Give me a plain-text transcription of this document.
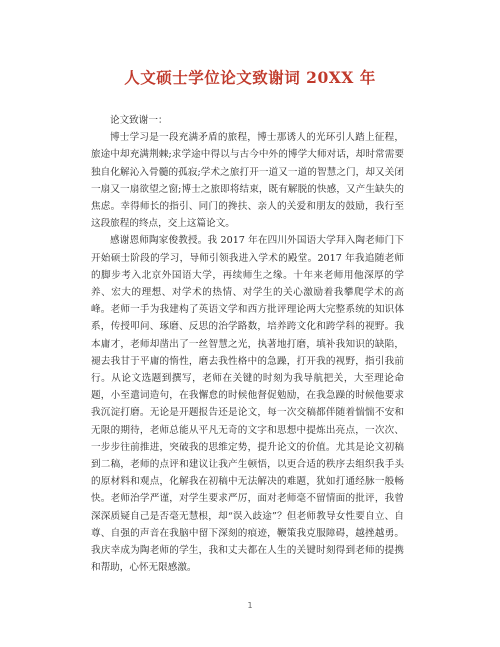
人文硕士学位论文致谢词 20XX 年

论文致谢一：

博士学习是一段充满矛盾的旅程，博士那诱人的光环引人踏上征程，旅途中却充满荆棘;求学途中得以与古今中外的博学大师对话，却时常需要独自化解沁入骨髓的孤寂;学术之旅打开一道又一道的智慧之门，却又关闭一扇又一扇欲望之窗;博士之旅即将结束，既有解脱的快感，又产生缺失的焦虑。幸得师长的指引、同门的搀扶、亲人的关爱和朋友的鼓励，我行至这段旅程的终点，交上这篇论文。

感谢恩师陶家俊教授。我 2017 年在四川外国语大学拜入陶老师门下开始硕士阶段的学习，导师引领我进入学术的殿堂。2017 年我追随老师的脚步考入北京外国语大学，再续师生之缘。十年来老师用他深厚的学养、宏大的理想、对学术的热情、对学生的关心激励着我攀爬学术的高峰。老师一手为我建构了英语文学和西方批评理论两大完整系统的知识体系，传授叩问、琢磨、反思的治学路数，培养跨文化和跨学科的视野。我本庸才，老师却凿出了一丝智慧之光，执著地打磨，填补我知识的缺陷，褪去我甘于平庸的惰性，磨去我性格中的急躁，打开我的视野，指引我前行。从论文选题到撰写，老师在关键的时刻为我导航把关，大至理论命题，小至遣词造句，在我懈怠的时候他督促勉励，在我急躁的时候他要求我沉淀打磨。无论是开题报告还是论文，每一次交稿都伴随着惴惴不安和无限的期待，老师总能从平凡无奇的文字和思想中提炼出亮点，一次次、一步步往前推进，突破我的思维定势，提升论文的价值。尤其是论文初稿到二稿，老师的点评和建议让我产生顿悟，以更合适的秩序去组织我手头的原材料和观点，化解我在初稿中无法解决的难题，犹如打通经脉一般畅快。老师治学严谨，对学生要求严厉，面对老师毫不留情面的批评，我曾深深质疑自己是否毫无慧根，却“误入歧途”？但老师教导女性要自立、自尊、自强的声音在我脑中留下深刻的痕迹，鞭策我克服障碍，越挫越勇。我庆幸成为陶老师的学生，我和丈夫都在人生的关键时刻得到老师的提携和帮助，心怀无限感激。

1
